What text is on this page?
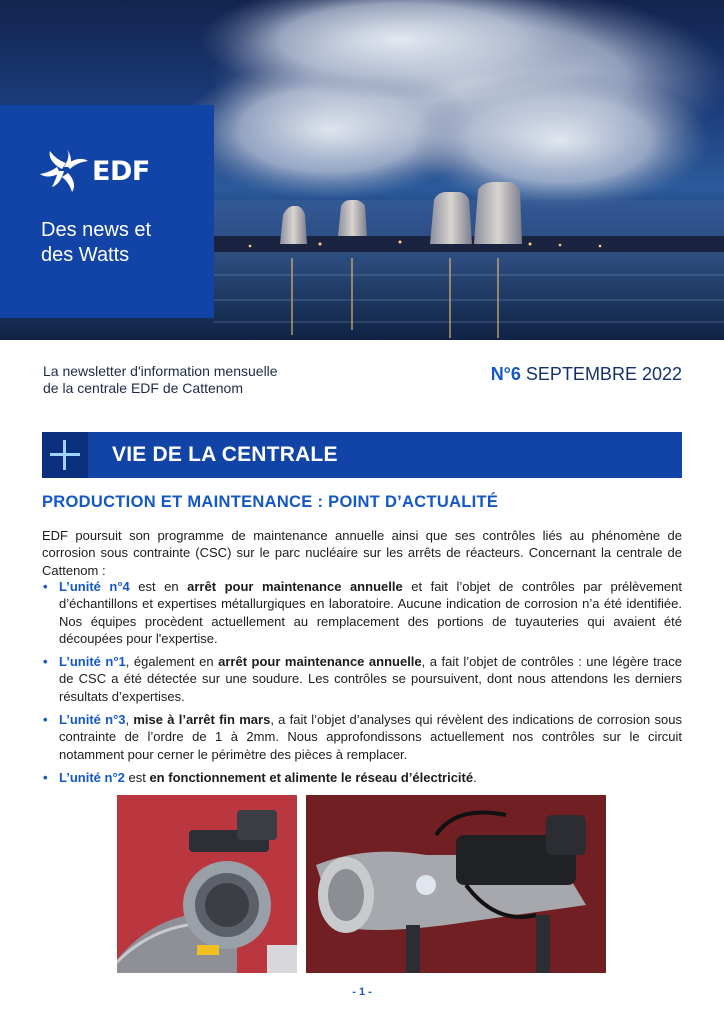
EDF
Des news et
des Watts
La newsletter d'information mensuelle
de la centrale EDF de Cattenom
N°6 SEPTEMBRE 2022
VIE DE LA CENTRALE
PRODUCTION ET MAINTENANCE : POINT D’ACTUALITÉ
EDF poursuit son programme de maintenance annuelle ainsi que ses contrôles liés au phénomène de corrosion sous contrainte (CSC) sur le parc nucléaire sur les arrêts de réacteurs. Concernant la centrale de Cattenom :
• L’unité n°4 est en arrêt pour maintenance annuelle et fait l’objet de contrôles par prélèvement d’échantillons et expertises métallurgiques en laboratoire. Aucune indication de corrosion n’a été identifiée. Nos équipes procèdent actuellement au remplacement des portions de tuyauteries qui avaient été découpées pour l'expertise.
• L’unité n°1, également en arrêt pour maintenance annuelle, a fait l’objet de contrôles : une légère trace de CSC a été détectée sur une soudure. Les contrôles se poursuivent, dont nous attendons les derniers résultats d’expertises.
• L’unité n°3, mise à l’arrêt fin mars, a fait l’objet d’analyses qui révèlent des indications de corrosion sous contrainte de l’ordre de 1 à 2mm. Nous approfondissons actuellement nos contrôles sur le circuit notamment pour cerner le périmètre des pièces à remplacer.
• L’unité n°2 est en fonctionnement et alimente le réseau d’électricité.
- 1 -
